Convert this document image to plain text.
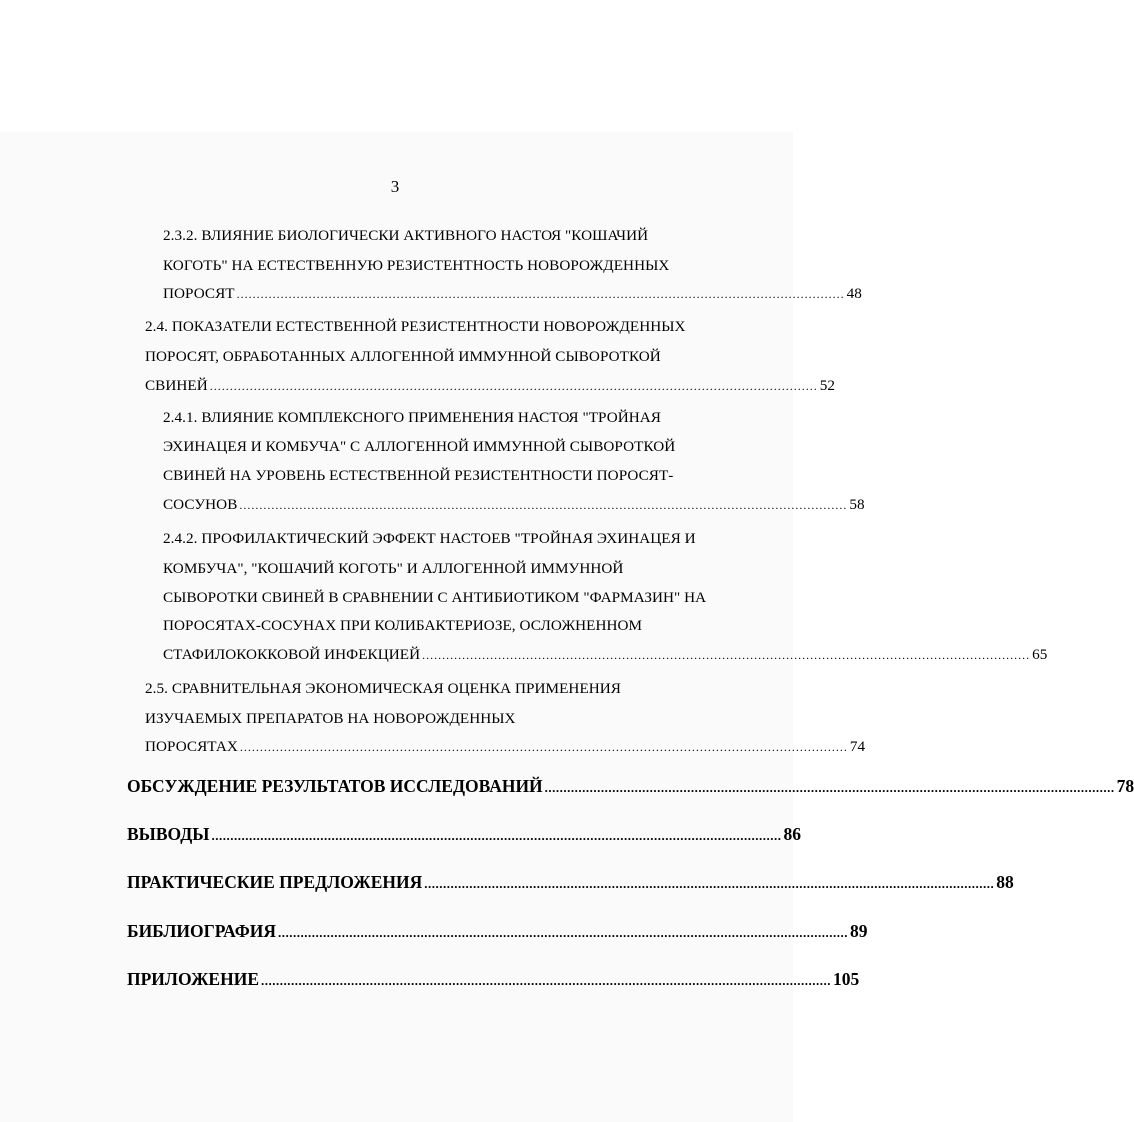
3
2.3.2. ВЛИЯНИЕ БИОЛОГИЧЕСКИ АКТИВНОГО НАСТОЯ "КОШАЧИЙ
КОГОТЬ" НА ЕСТЕСТВЕННУЮ РЕЗИСТЕНТНОСТЬ НОВОРОЖДЕННЫХ
ПОРОСЯТ ........................................................................................................................................................ 48
2.4. ПОКАЗАТЕЛИ ЕСТЕСТВЕННОЙ РЕЗИСТЕНТНОСТИ НОВОРОЖДЕННЫХ
ПОРОСЯТ, ОБРАБОТАННЫХ АЛЛОГЕННОЙ ИММУННОЙ СЫВОРОТКОЙ
СВИНЕЙ ........................................................................................................................................................ 52
2.4.1. ВЛИЯНИЕ КОМПЛЕКСНОГО ПРИМЕНЕНИЯ НАСТОЯ "ТРОЙНАЯ
ЭХИНАЦЕЯ И КОМБУЧА" С АЛЛОГЕННОЙ ИММУННОЙ СЫВОРОТКОЙ
СВИНЕЙ НА УРОВЕНЬ ЕСТЕСТВЕННОЙ РЕЗИСТЕНТНОСТИ ПОРОСЯТ-
СОСУНОВ ........................................................................................................................................................ 58
2.4.2. ПРОФИЛАКТИЧЕСКИЙ ЭФФЕКТ НАСТОЕВ "ТРОЙНАЯ ЭХИНАЦЕЯ И
КОМБУЧА", "КОШАЧИЙ КОГОТЬ" И АЛЛОГЕННОЙ ИММУННОЙ
СЫВОРОТКИ СВИНЕЙ В СРАВНЕНИИ С АНТИБИОТИКОМ "ФАРМАЗИН" НА
ПОРОСЯТАХ-СОСУНАХ ПРИ КОЛИБАКТЕРИОЗЕ, ОСЛОЖНЕННОМ
СТАФИЛОКОККОВОЙ ИНФЕКЦИЕЙ ........................................................................................................................................................ 65
2.5. СРАВНИТЕЛЬНАЯ ЭКОНОМИЧЕСКАЯ ОЦЕНКА ПРИМЕНЕНИЯ
ИЗУЧАЕМЫХ ПРЕПАРАТОВ НА НОВОРОЖДЕННЫХ
ПОРОСЯТАХ ........................................................................................................................................................ 74
ОБСУЖДЕНИЕ РЕЗУЛЬТАТОВ ИССЛЕДОВАНИЙ ........................................................................................................................................................ 78
ВЫВОДЫ ........................................................................................................................................................ 86
ПРАКТИЧЕСКИЕ ПРЕДЛОЖЕНИЯ ........................................................................................................................................................ 88
БИБЛИОГРАФИЯ ........................................................................................................................................................ 89
ПРИЛОЖЕНИЕ ........................................................................................................................................................ 105
